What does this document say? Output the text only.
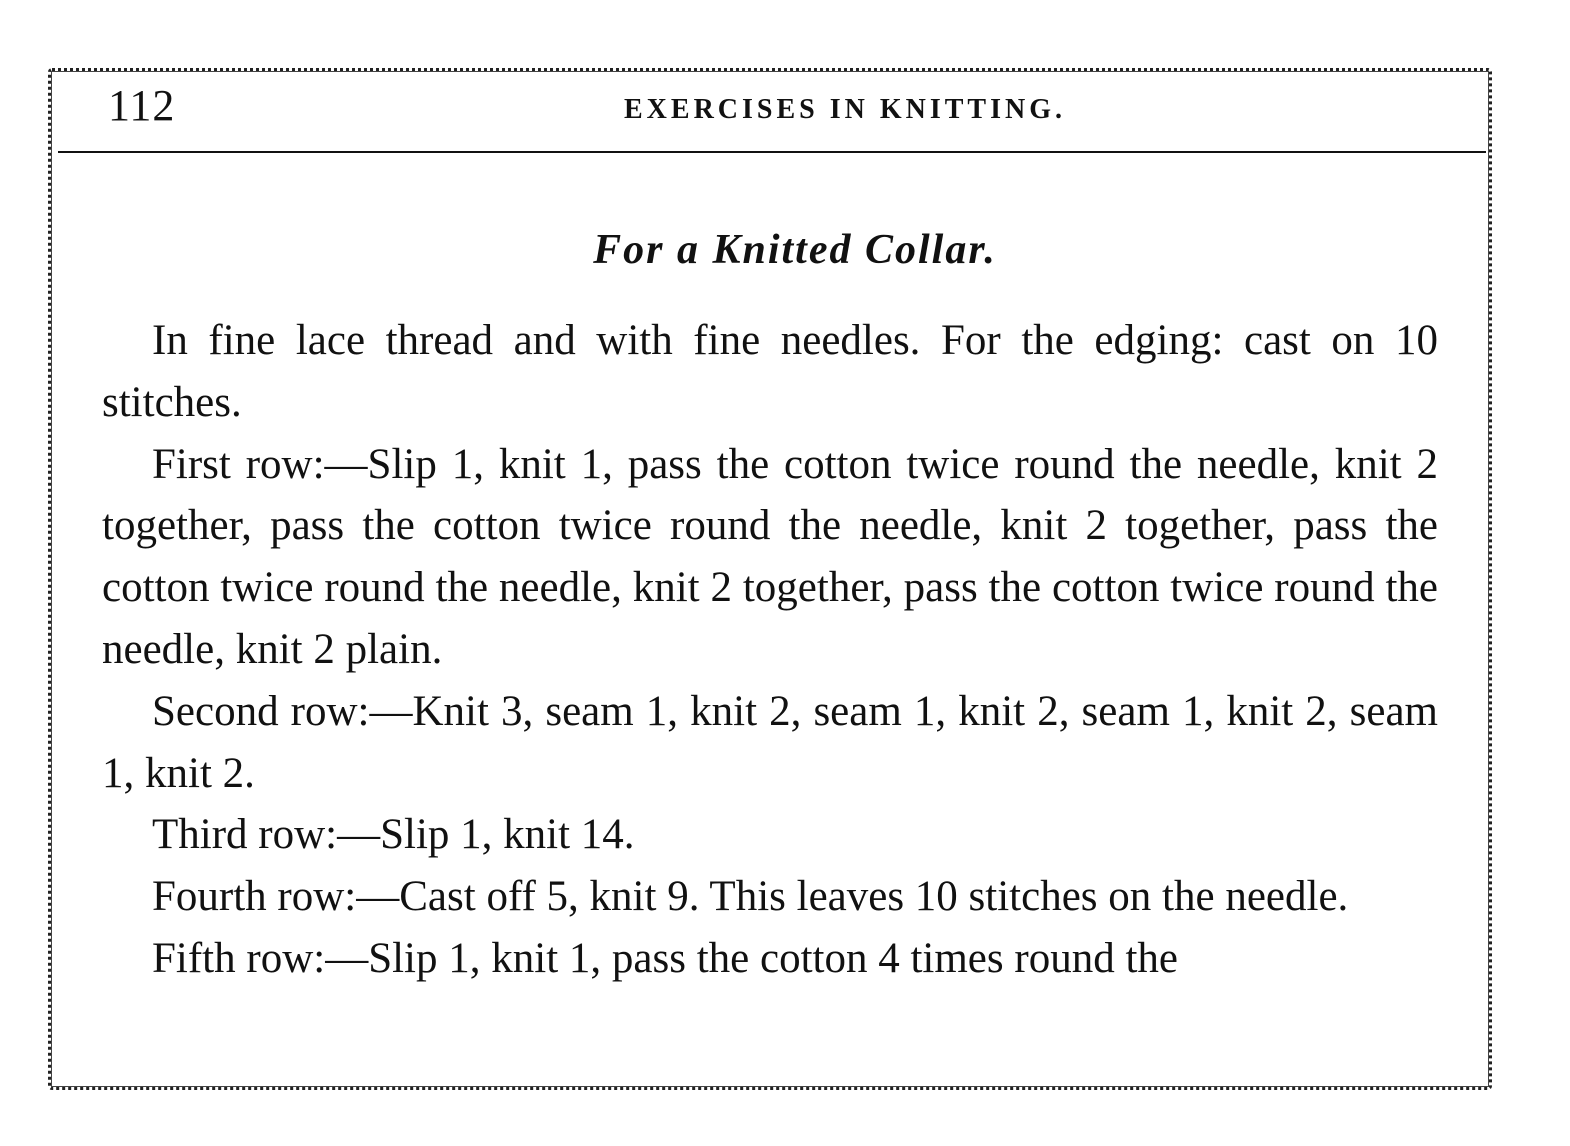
112	EXERCISES IN KNITTING.
For a Knitted Collar.

In fine lace thread and with fine needles. For the edging: cast on 10 stitches.

First row:—Slip 1, knit 1, pass the cotton twice round the needle, knit 2 together, pass the cotton twice round the needle, knit 2 together, pass the cotton twice round the needle, knit 2 together, pass the cotton twice round the needle, knit 2 plain.

Second row:—Knit 3, seam 1, knit 2, seam 1, knit 2, seam 1, knit 2, seam 1, knit 2.

Third row:—Slip 1, knit 14.

Fourth row:—Cast off 5, knit 9. This leaves 10 stitches on the needle.

Fifth row:—Slip 1, knit 1, pass the cotton 4 times round the
